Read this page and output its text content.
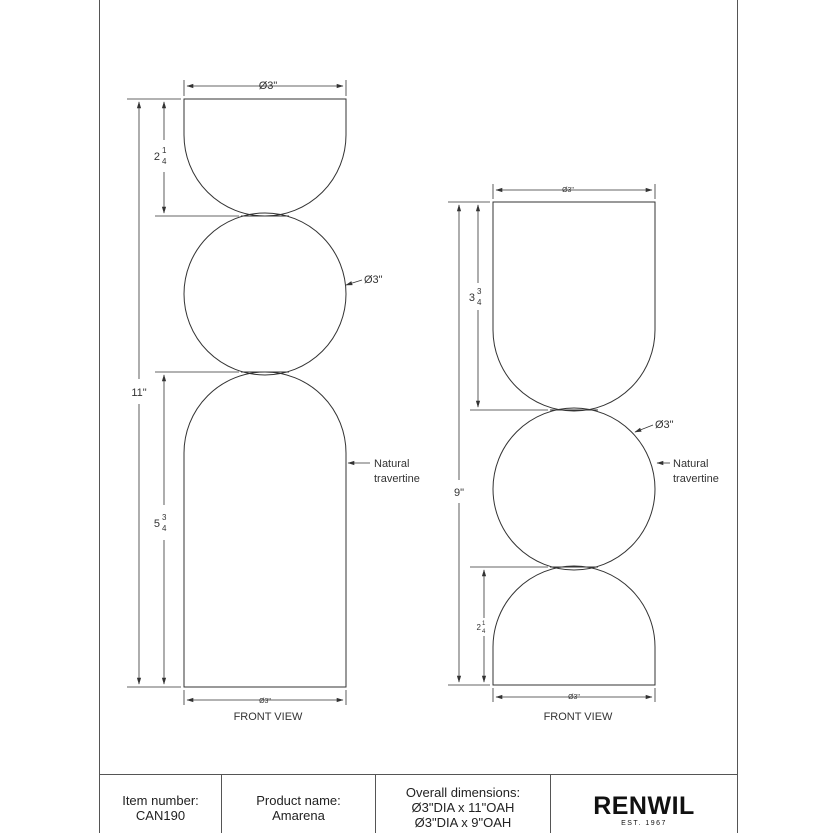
Ø3"
11"
2
1
4
5
3
4
Ø3"
Natural
travertine
Ø3"
FRONT VIEW
Ø3"
9"
3
3
4
2 1
4
Ø3"
Natural
travertine
Ø3"
FRONT VIEW
Item number:
CAN190
Product name:
Amarena
Overall dimensions:
Ø3"DIA x 11"OAH
Ø3"DIA x 9"OAH
RENWIL
EST. 1967
